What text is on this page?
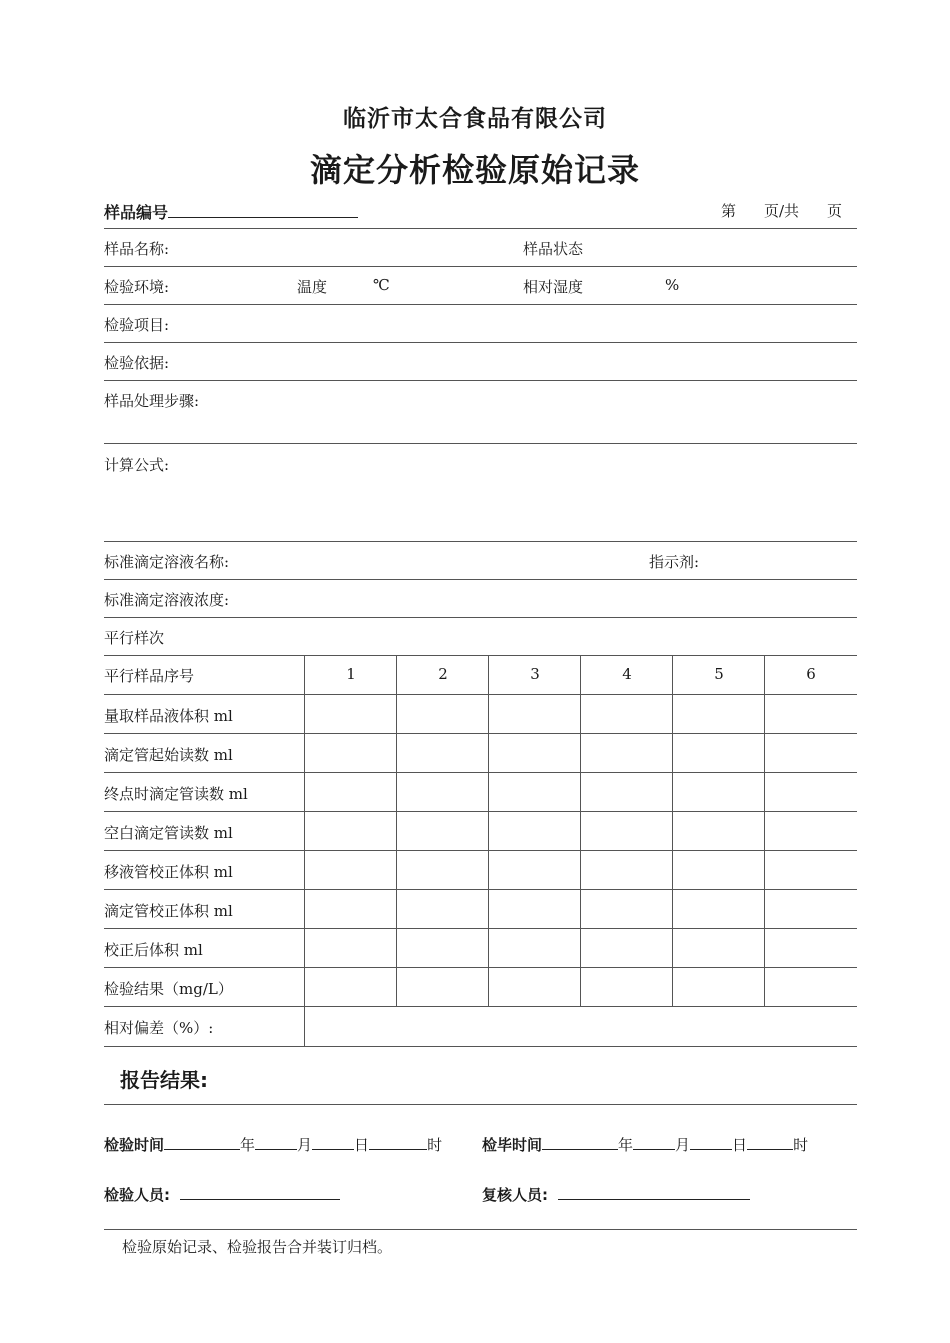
临沂市太合食品有限公司
滴定分析检验原始记录
样品编号	第 页/共 页
样品名称:	样品状态
检验环境:	温度	℃	相对湿度	%
检验项目:
检验依据:
样品处理步骤:
计算公式:
标准滴定溶液名称:	指示剂:
标准滴定溶液浓度:
平行样次
平行样品序号	1	2	3	4	5	6
量取样品液体积 ml
滴定管起始读数 ml
终点时滴定管读数 ml
空白滴定管读数 ml
移液管校正体积 ml
滴定管校正体积 ml
校正后体积 ml
检验结果（mg/L）
相对偏差（%）:
报告结果:
检验时间	年	月	日	时	检毕时间	年	月	日	时
检验人员:	复核人员:
检验原始记录、检验报告合并装订归档。
